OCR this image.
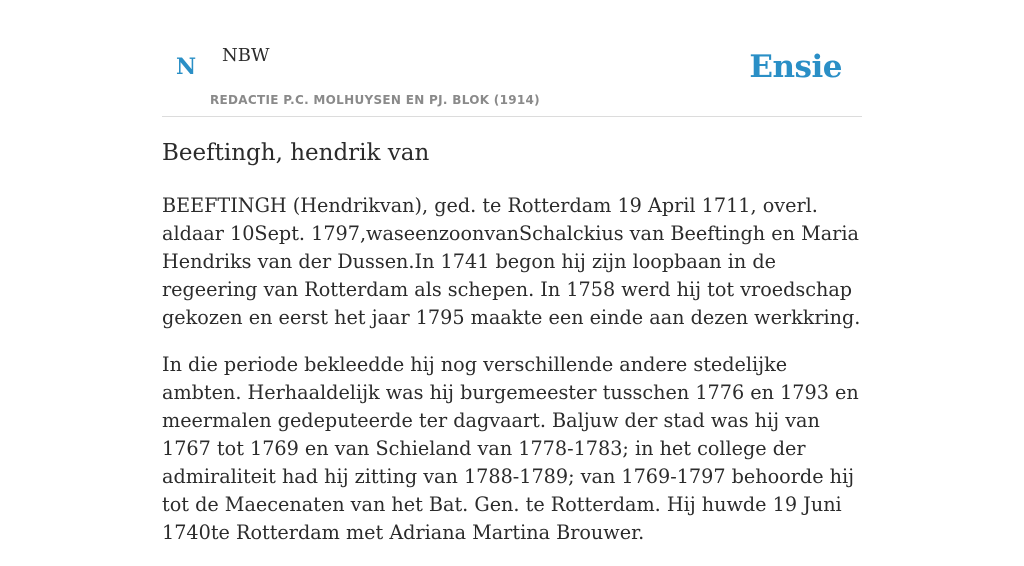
N NBW
REDACTIE P.C. MOLHUYSEN EN PJ. BLOK (1914)
Ensie
Beeftingh, hendrik van

BEEFTINGH (Hendrikvan), ged. te Rotterdam 19 April 1711, overl. aldaar 10Sept. 1797,waseenzoonvanSchalckius van Beeftingh en Maria Hendriks van der Dussen.In 1741 begon hij zijn loopbaan in de regeering van Rotterdam als schepen. In 1758 werd hij tot vroedschap gekozen en eerst het jaar 1795 maakte een einde aan dezen werkkring.

In die periode bekleedde hij nog verschillende andere stedelijke ambten. Herhaaldelijk was hij burgemeester tusschen 1776 en 1793 en meermalen gedeputeerde ter dagvaart. Baljuw der stad was hij van 1767 tot 1769 en van Schieland van 1778-1783; in het college der admiraliteit had hij zitting van 1788-1789; van 1769-1797 behoorde hij tot de Maecenaten van het Bat. Gen. te Rotterdam. Hij huwde 19 Juni 1740te Rotterdam met Adriana Martina Brouwer.
